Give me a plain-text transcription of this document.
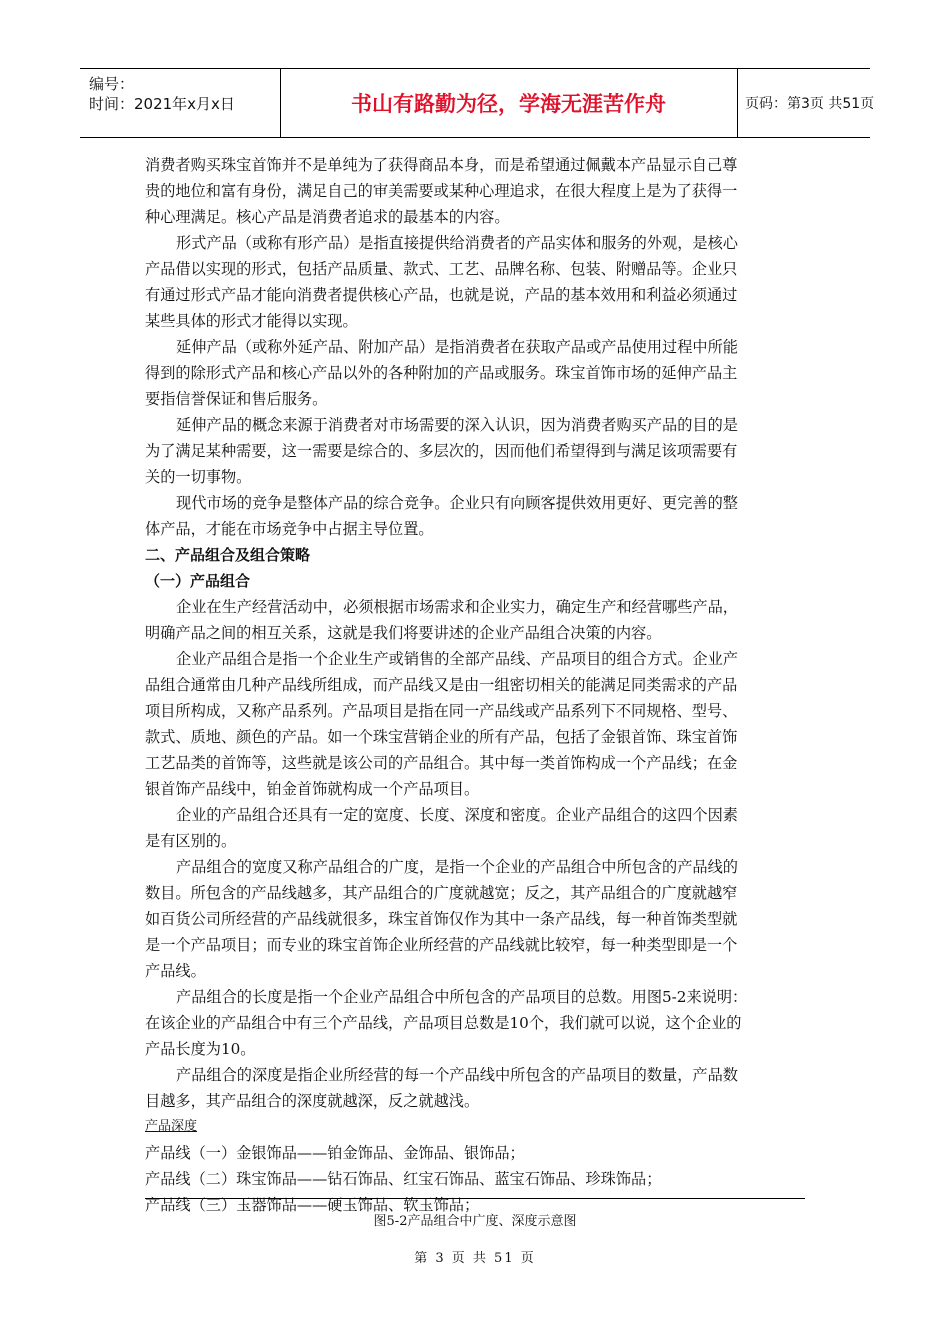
编号：
时间：2021年x月x日	书山有路勤为径，学海无涯苦作舟	页码：第3页 共51页
消费者购买珠宝首饰并不是单纯为了获得商品本身，而是希望通过佩戴本产品显示自己尊
贵的地位和富有身份，满足自己的审美需要或某种心理追求，在很大程度上是为了获得一
种心理满足。核心产品是消费者追求的最基本的内容。
形式产品（或称有形产品）是指直接提供给消费者的产品实体和服务的外观，是核心
产品借以实现的形式，包括产品质量、款式、工艺、品牌名称、包装、附赠品等。企业只
有通过形式产品才能向消费者提供核心产品，也就是说，产品的基本效用和利益必须通过
某些具体的形式才能得以实现。
延伸产品（或称外延产品、附加产品）是指消费者在获取产品或产品使用过程中所能
得到的除形式产品和核心产品以外的各种附加的产品或服务。珠宝首饰市场的延伸产品主
要指信誉保证和售后服务。
延伸产品的概念来源于消费者对市场需要的深入认识，因为消费者购买产品的目的是
为了满足某种需要，这一需要是综合的、多层次的，因而他们希望得到与满足该项需要有
关的一切事物。
现代市场的竞争是整体产品的综合竞争。企业只有向顾客提供效用更好、更完善的整
体产品，才能在市场竞争中占据主导位置。
二、产品组合及组合策略
（一）产品组合
企业在生产经营活动中，必须根据市场需求和企业实力，确定生产和经营哪些产品，
明确产品之间的相互关系，这就是我们将要讲述的企业产品组合决策的内容。
企业产品组合是指一个企业生产或销售的全部产品线、产品项目的组合方式。企业产
品组合通常由几种产品线所组成，而产品线又是由一组密切相关的能满足同类需求的产品
项目所构成，又称产品系列。产品项目是指在同一产品线或产品系列下不同规格、型号、
款式、质地、颜色的产品。如一个珠宝营销企业的所有产品，包括了金银首饰、珠宝首饰
工艺品类的首饰等，这些就是该公司的产品组合。其中每一类首饰构成一个产品线；在金
银首饰产品线中，铂金首饰就构成一个产品项目。
企业的产品组合还具有一定的宽度、长度、深度和密度。企业产品组合的这四个因素
是有区别的。
产品组合的宽度又称产品组合的广度，是指一个企业的产品组合中所包含的产品线的
数目。所包含的产品线越多，其产品组合的广度就越宽；反之，其产品组合的广度就越窄
如百货公司所经营的产品线就很多，珠宝首饰仅作为其中一条产品线，每一种首饰类型就
是一个产品项目；而专业的珠宝首饰企业所经营的产品线就比较窄，每一种类型即是一个
产品线。
产品组合的长度是指一个企业产品组合中所包含的产品项目的总数。用图5-2来说明：
在该企业的产品组合中有三个产品线，产品项目总数是10个，我们就可以说，这个企业的
产品长度为10。
产品组合的深度是指企业所经营的每一个产品线中所包含的产品项目的数量，产品数
目越多，其产品组合的深度就越深，反之就越浅。
产品深度
产品线（一）金银饰品——铂金饰品、金饰品、银饰品；
产品线（二）珠宝饰品——钻石饰品、红宝石饰品、蓝宝石饰品、珍珠饰品；
产品线（三）玉器饰品——硬玉饰品、软玉饰品；
图5-2产品组合中广度、深度示意图
第 3 页 共 51 页
